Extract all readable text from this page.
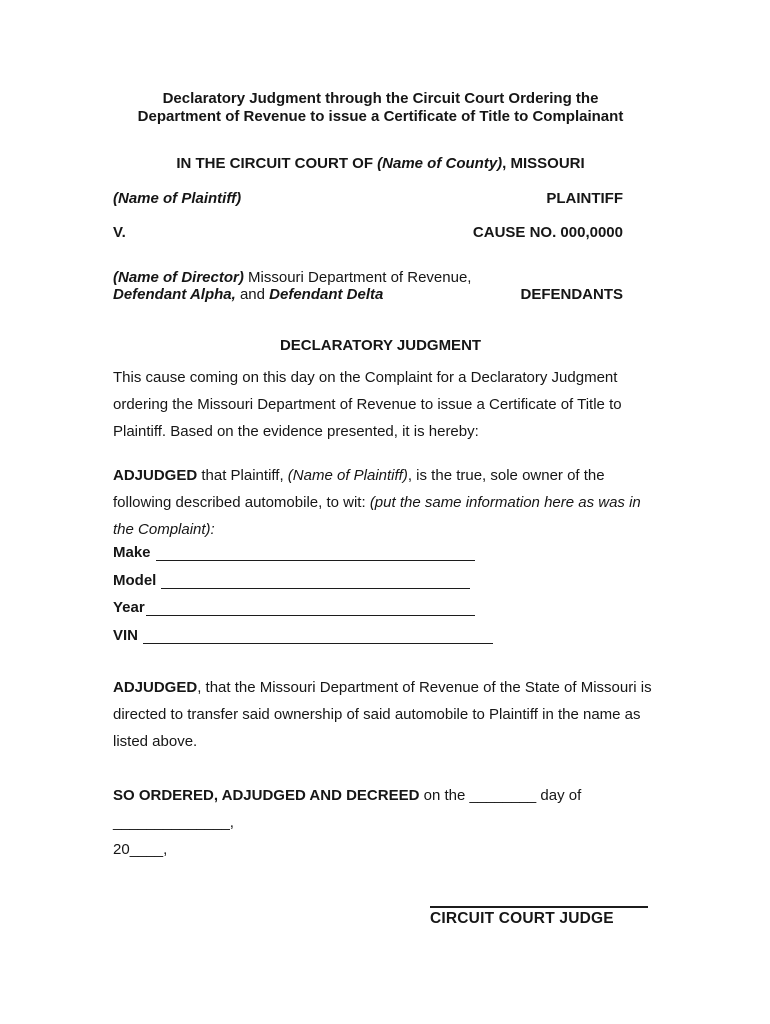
Declaratory Judgment through the Circuit Court Ordering the
Department of Revenue to issue a Certificate of Title to Complainant
IN THE CIRCUIT COURT OF (Name of County), MISSOURI
(Name of Plaintiff)	PLAINTIFF
V.	CAUSE NO. 000,0000
(Name of Director) Missouri Department of Revenue,
Defendant Alpha, and Defendant Delta	DEFENDANTS
DECLARATORY JUDGMENT
This cause coming on this day on the Complaint for a Declaratory Judgment ordering the Missouri Department of Revenue to issue a Certificate of Title to Plaintiff. Based on the evidence presented, it is hereby:
ADJUDGED that Plaintiff, (Name of Plaintiff), is the true, sole owner of the following described automobile, to wit: (put the same information here as was in the Complaint):
Make
Model
Year
VIN
ADJUDGED, that the Missouri Department of Revenue of the State of Missouri is directed to transfer said ownership of said automobile to Plaintiff in the name as listed above.
SO ORDERED, ADJUDGED AND DECREED on the ________ day of ______________,
20____,
CIRCUIT COURT JUDGE
